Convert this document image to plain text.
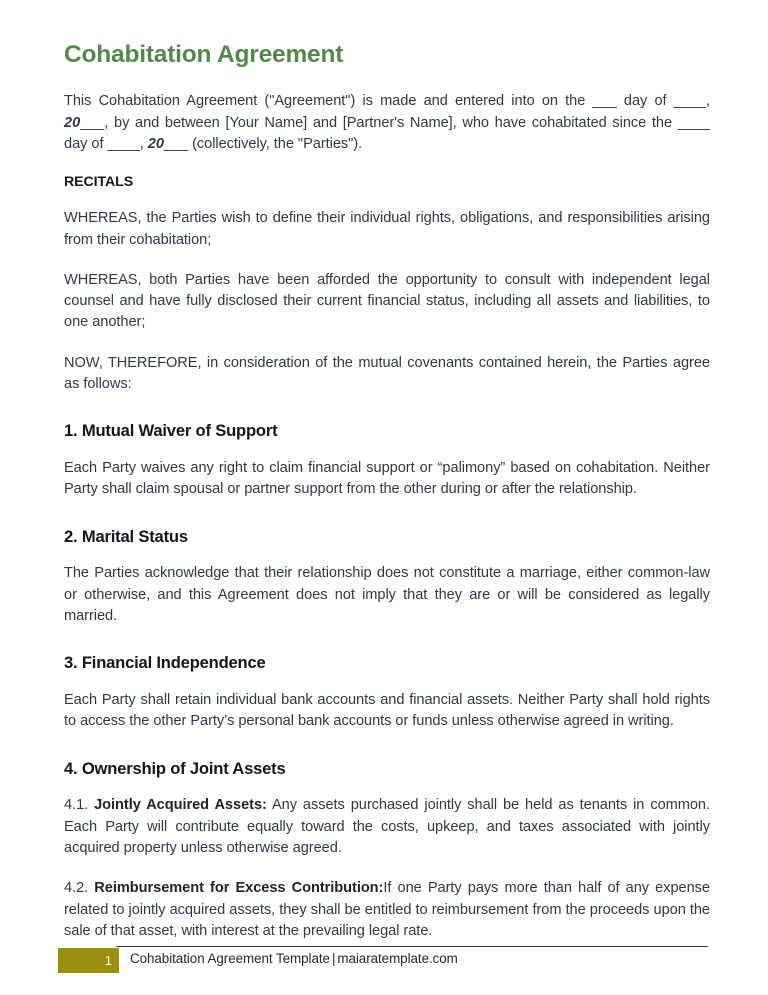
Cohabitation Agreement

This Cohabitation Agreement ("Agreement") is made and entered into on the ___ day of ____, 20___, by and between [Your Name] and [Partner's Name], who have cohabitated since the ____ day of ____, 20___ (collectively, the "Parties").

RECITALS

WHEREAS, the Parties wish to define their individual rights, obligations, and responsibilities arising from their cohabitation;

WHEREAS, both Parties have been afforded the opportunity to consult with independent legal counsel and have fully disclosed their current financial status, including all assets and liabilities, to one another;

NOW, THEREFORE, in consideration of the mutual covenants contained herein, the Parties agree as follows:

1. Mutual Waiver of Support

Each Party waives any right to claim financial support or “palimony” based on cohabitation. Neither Party shall claim spousal or partner support from the other during or after the relationship.

2. Marital Status

The Parties acknowledge that their relationship does not constitute a marriage, either common-law or otherwise, and this Agreement does not imply that they are or will be considered as legally married.

3. Financial Independence

Each Party shall retain individual bank accounts and financial assets. Neither Party shall hold rights to access the other Party’s personal bank accounts or funds unless otherwise agreed in writing.

4. Ownership of Joint Assets

4.1. Jointly Acquired Assets: Any assets purchased jointly shall be held as tenants in common. Each Party will contribute equally toward the costs, upkeep, and taxes associated with jointly acquired property unless otherwise agreed.

4.2. Reimbursement for Excess Contribution:If one Party pays more than half of any expense related to jointly acquired assets, they shall be entitled to reimbursement from the proceeds upon the sale of that asset, with interest at the prevailing legal rate.

1 Cohabitation Agreement Template | maiaratemplate.com
